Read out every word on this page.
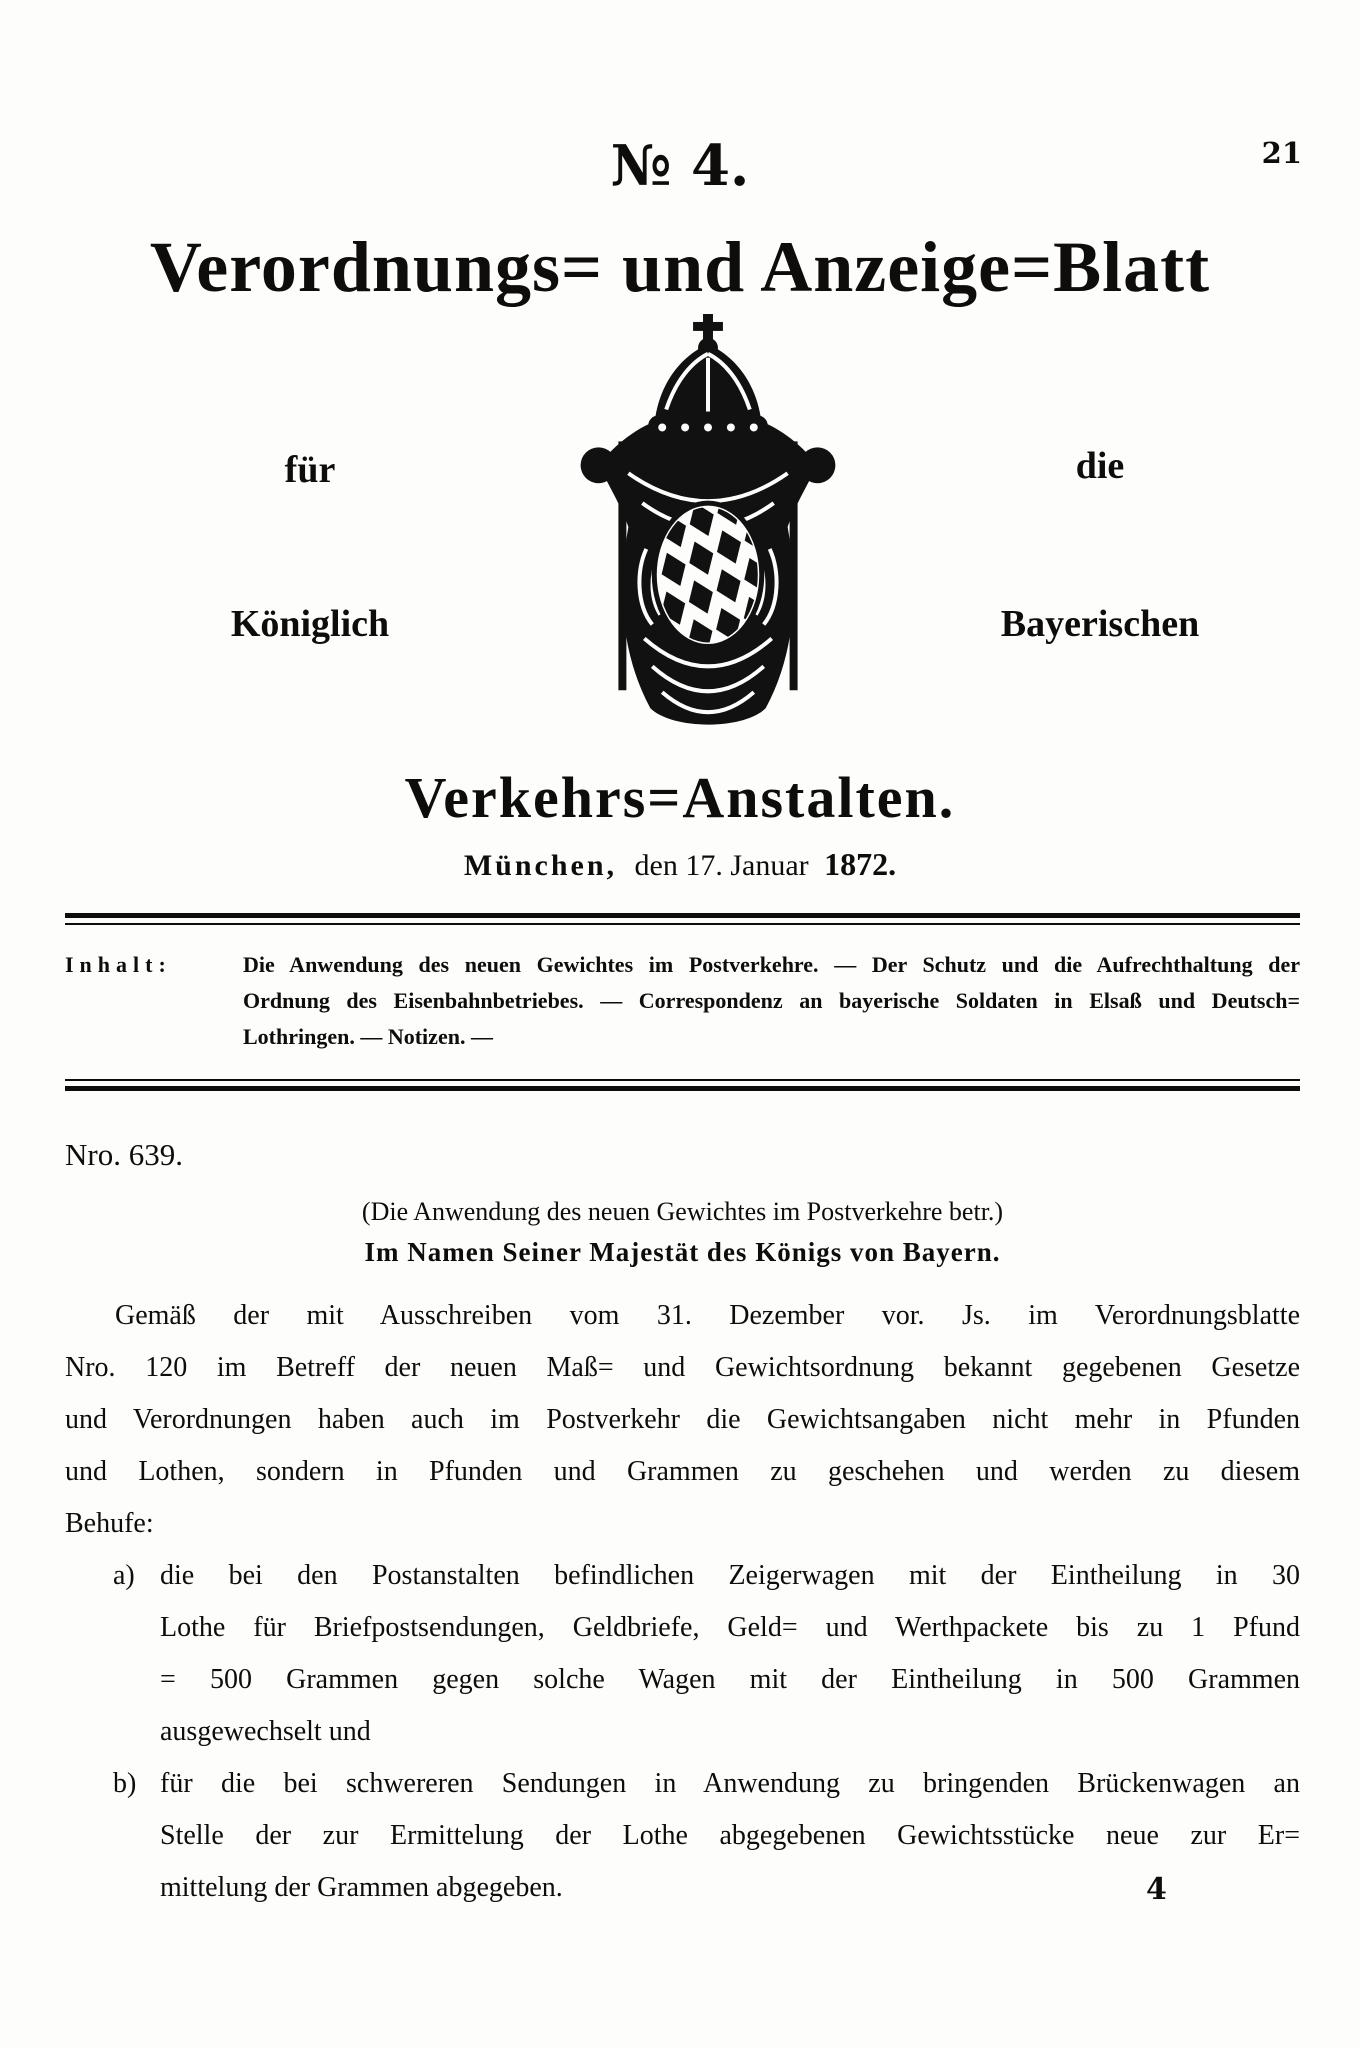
21
№ 4.
Verordnungs= und Anzeige=Blatt
für	die
Königlich	Bayerischen
Verkehrs=Anstalten.
München, den 17. Januar 1872.
Inhalt:	Die Anwendung des neuen Gewichtes im Postverkehre. — Der Schutz und die Aufrechthaltung der
Ordnung des Eisenbahnbetriebes. — Correspondenz an bayerische Soldaten in Elsaß und Deutsch=
Lothringen. — Notizen. —
Nro. 639.
(Die Anwendung des neuen Gewichtes im Postverkehre betr.)
Im Namen Seiner Majestät des Königs von Bayern.
Gemäß der mit Ausschreiben vom 31. Dezember vor. Js. im Verordnungsblatte
Nro. 120 im Betreff der neuen Maß= und Gewichtsordnung bekannt gegebenen Gesetze
und Verordnungen haben auch im Postverkehr die Gewichtsangaben nicht mehr in Pfunden
und Lothen, sondern in Pfunden und Grammen zu geschehen und werden zu diesem
Behufe:
a) die bei den Postanstalten befindlichen Zeigerwagen mit der Eintheilung in 30
Lothe für Briefpostsendungen, Geldbriefe, Geld= und Werthpackete bis zu 1 Pfund
= 500 Grammen gegen solche Wagen mit der Eintheilung in 500 Grammen
ausgewechselt und
b) für die bei schwereren Sendungen in Anwendung zu bringenden Brückenwagen an
Stelle der zur Ermittelung der Lothe abgegebenen Gewichtsstücke neue zur Er=
mittelung der Grammen abgegeben.	4
